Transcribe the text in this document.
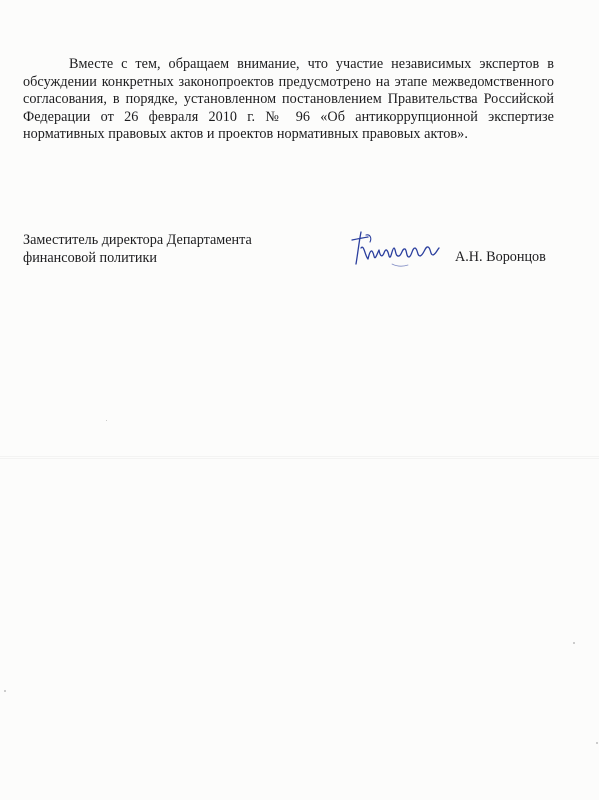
Вместе с тем, обращаем внимание, что участие независимых экспертов в обсуждении конкретных законопроектов предусмотрено на этапе межведомственного согласования, в порядке, установленном постановлением Правительства Российской Федерации от 26 февраля 2010 г. № 96 «Об антикоррупционной экспертизе нормативных правовых актов и проектов нормативных правовых актов».

Заместитель директора Департамента
финансовой политики	А.Н. Воронцов
